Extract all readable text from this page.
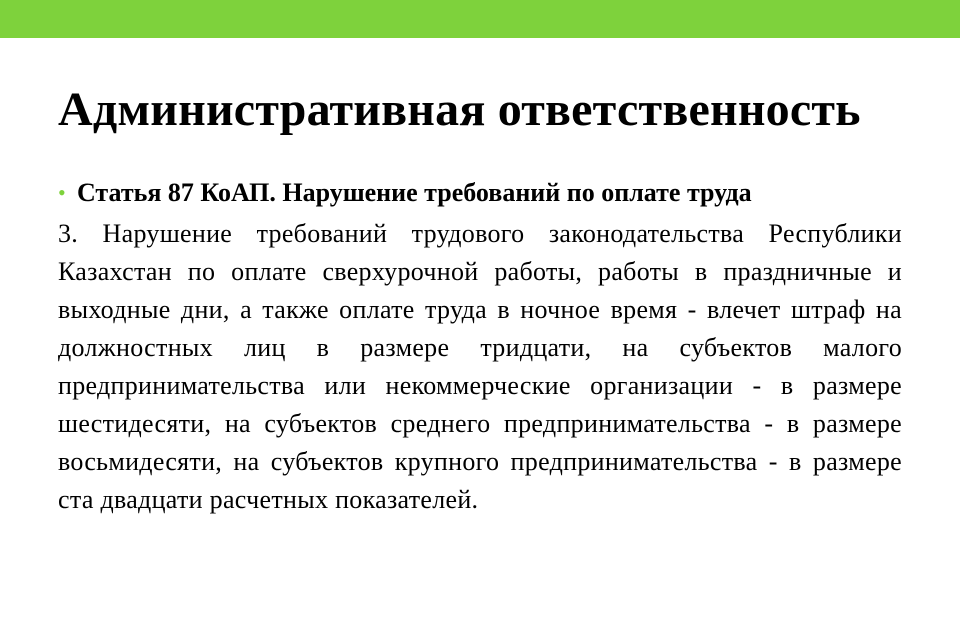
Административная ответственность
• Статья 87 КоАП. Нарушение требований по оплате труда

3. Нарушение требований трудового законодательства Республики Казахстан по оплате сверхурочной работы, работы в праздничные и выходные дни, а также оплате труда в ночное время - влечет штраф на должностных лиц в размере тридцати, на субъектов малого предпринимательства или некоммерческие организации - в размере шестидесяти, на субъектов среднего предпринимательства - в размере восьмидесяти, на субъектов крупного предпринимательства - в размере ста двадцати расчетных показателей.
